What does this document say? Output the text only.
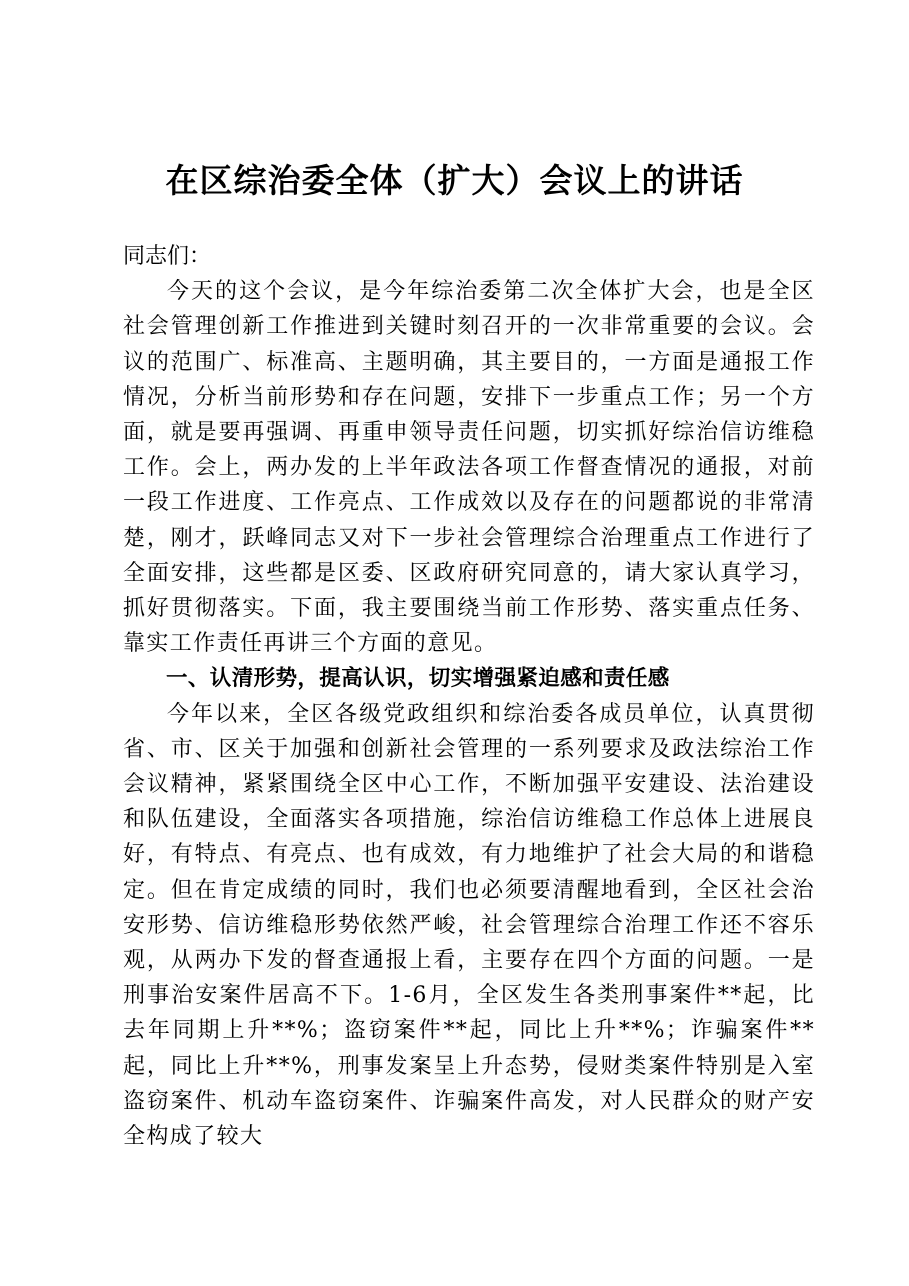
在区综治委全体（扩大）会议上的讲话

同志们：

今天的这个会议，是今年综治委第二次全体扩大会，也是全区社会管理创新工作推进到关键时刻召开的一次非常重要的会议。会议的范围广、标准高、主题明确，其主要目的，一方面是通报工作情况，分析当前形势和存在问题，安排下一步重点工作；另一个方面，就是要再强调、再重申领导责任问题，切实抓好综治信访维稳工作。会上，两办发的上半年政法各项工作督查情况的通报，对前一段工作进度、工作亮点、工作成效以及存在的问题都说的非常清楚，刚才，跃峰同志又对下一步社会管理综合治理重点工作进行了全面安排，这些都是区委、区政府研究同意的，请大家认真学习，抓好贯彻落实。下面，我主要围绕当前工作形势、落实重点任务、靠实工作责任再讲三个方面的意见。

一、认清形势，提高认识，切实增强紧迫感和责任感

今年以来，全区各级党政组织和综治委各成员单位，认真贯彻省、市、区关于加强和创新社会管理的一系列要求及政法综治工作会议精神，紧紧围绕全区中心工作，不断加强平安建设、法治建设和队伍建设，全面落实各项措施，综治信访维稳工作总体上进展良好，有特点、有亮点、也有成效，有力地维护了社会大局的和谐稳定。但在肯定成绩的同时，我们也必须要清醒地看到，全区社会治安形势、信访维稳形势依然严峻，社会管理综合治理工作还不容乐观，从两办下发的督查通报上看，主要存在四个方面的问题。一是刑事治安案件居高不下。1-6月，全区发生各类刑事案件**起，比去年同期上升**%；盗窃案件**起，同比上升**%；诈骗案件**起，同比上升**%，刑事发案呈上升态势，侵财类案件特别是入室盗窃案件、机动车盗窃案件、诈骗案件高发，对人民群众的财产安全构成了较大
